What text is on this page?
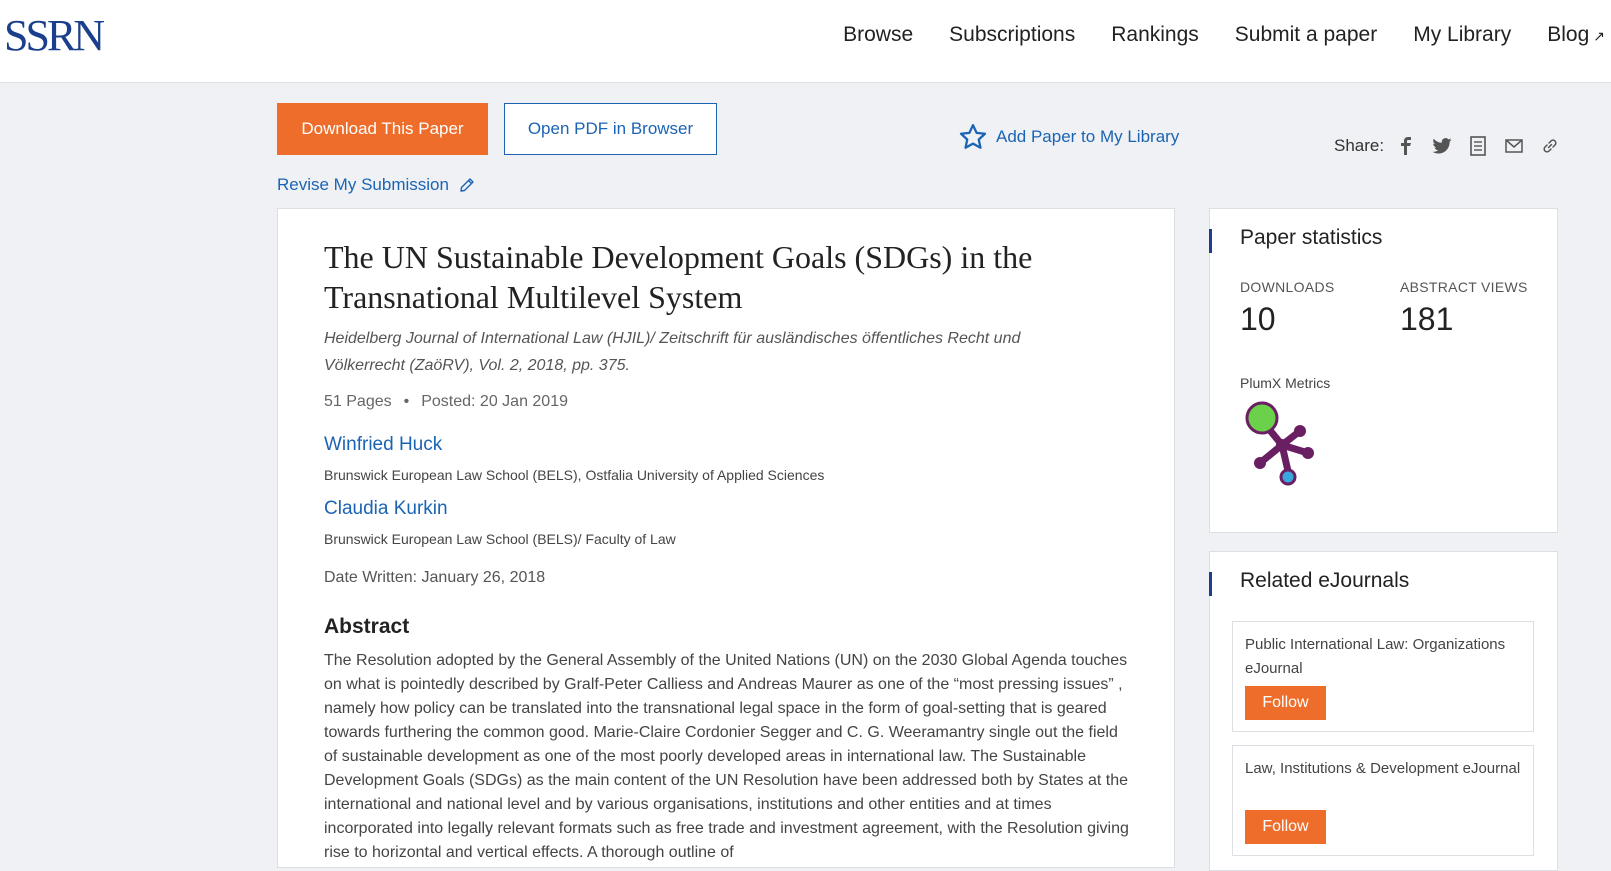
SSRN	Browse Subscriptions Rankings Submit a paper My Library Blog ↗
Download This Paper	Open PDF in Browser	Add Paper to My Library	Share:
Revise My Submission
The UN Sustainable Development Goals (SDGs) in the Transnational Multilevel System
Heidelberg Journal of International Law (HJIL)/ Zeitschrift für ausländisches öffentliches Recht und Völkerrecht (ZaöRV), Vol. 2, 2018, pp. 375.
51 Pages • Posted: 20 Jan 2019
Winfried Huck
Brunswick European Law School (BELS), Ostfalia University of Applied Sciences
Claudia Kurkin
Brunswick European Law School (BELS)/ Faculty of Law
Date Written: January 26, 2018
Abstract
The Resolution adopted by the General Assembly of the United Nations (UN) on the 2030 Global Agenda touches on what is pointedly described by Gralf-Peter Calliess and Andreas Maurer as one of the “most pressing issues” , namely how policy can be translated into the transnational legal space in the form of goal-setting that is geared towards furthering the common good. Marie-Claire Cordonier Segger and C. G. Weeramantry single out the field of sustainable development as one of the most poorly developed areas in international law. The Sustainable Development Goals (SDGs) as the main content of the UN Resolution have been addressed both by States at the international and national level and by various organisations, institutions and other entities and at times incorporated into legally relevant formats such as free trade and investment agreement, with the Resolution giving rise to horizontal and vertical effects. A thorough outline of
Paper statistics
DOWNLOADS
10
ABSTRACT VIEWS
181
PlumX Metrics
Related eJournals
Public International Law: Organizations eJournal
Follow
Law, Institutions & Development eJournal
Follow
